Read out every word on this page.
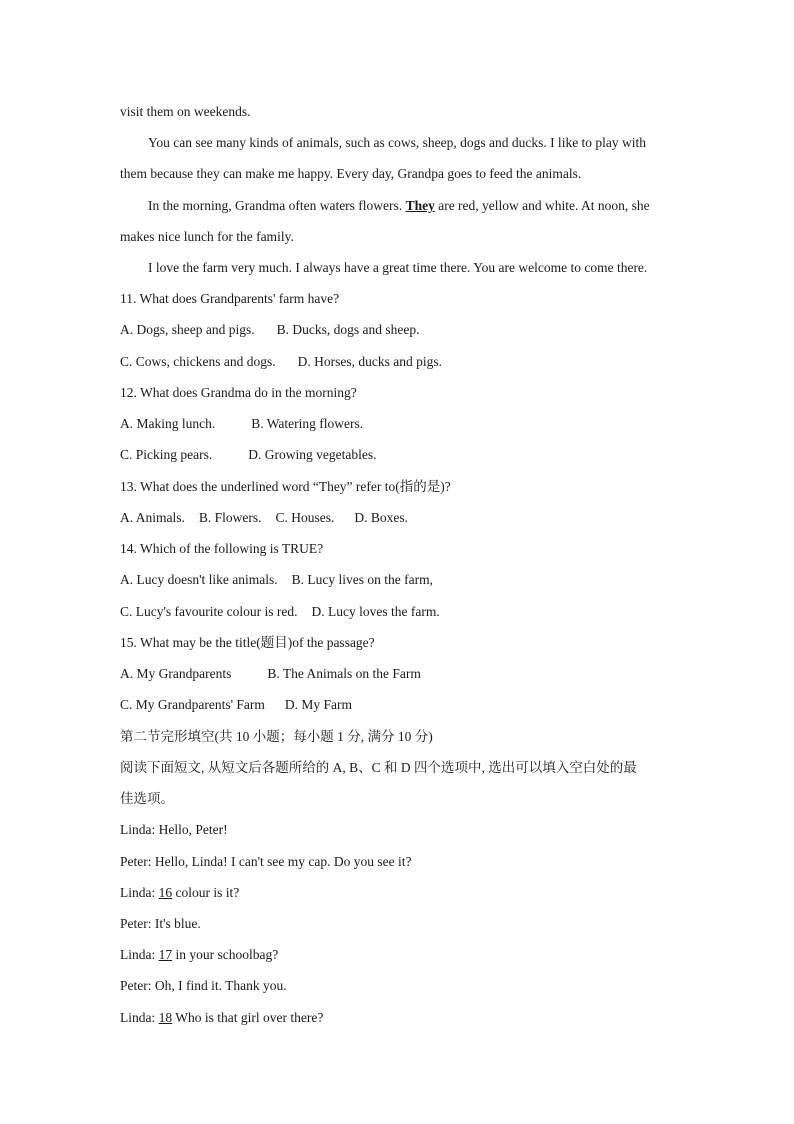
visit them on weekends.
You can see many kinds of animals, such as cows, sheep, dogs and ducks. I like to play with
them because they can make me happy. Every day, Grandpa goes to feed the animals.
In the morning, Grandma often waters flowers. They are red, yellow and white. At noon, she
makes nice lunch for the family.
I love the farm very much. I always have a great time there. You are welcome to come there.
11. What does Grandparents' farm have?
A. Dogs, sheep and pigs. B. Ducks, dogs and sheep.
C. Cows, chickens and dogs. D. Horses, ducks and pigs.
12. What does Grandma do in the morning?
A. Making lunch.	B. Watering flowers.
C. Picking pears.	D. Growing vegetables.
13. What does the underlined word “They” refer to(指的是)?
A. Animals. B. Flowers. C. Houses. D. Boxes.
14. Which of the following is TRUE?
A. Lucy doesn't like animals. B. Lucy lives on the farm,
C. Lucy's favourite colour is red. D. Lucy loves the farm.
15. What may be the title(题目)of the passage?
A. My Grandparents	B. The Animals on the Farm
C. My Grandparents' Farm D. My Farm
第二节完形填空(共 10 小题；每小题 1 分, 满分 10 分)
阅读下面短文, 从短文后各题所给的 A, B、C 和 D 四个选项中, 选出可以填入空白处的最
佳选项。
Linda: Hello, Peter!
Peter: Hello, Linda! I can't see my cap. Do you see it?
Linda: 16 colour is it?
Peter: It's blue.
Linda: 17 in your schoolbag?
Peter: Oh, I find it. Thank you.
Linda: 18 Who is that girl over there?
